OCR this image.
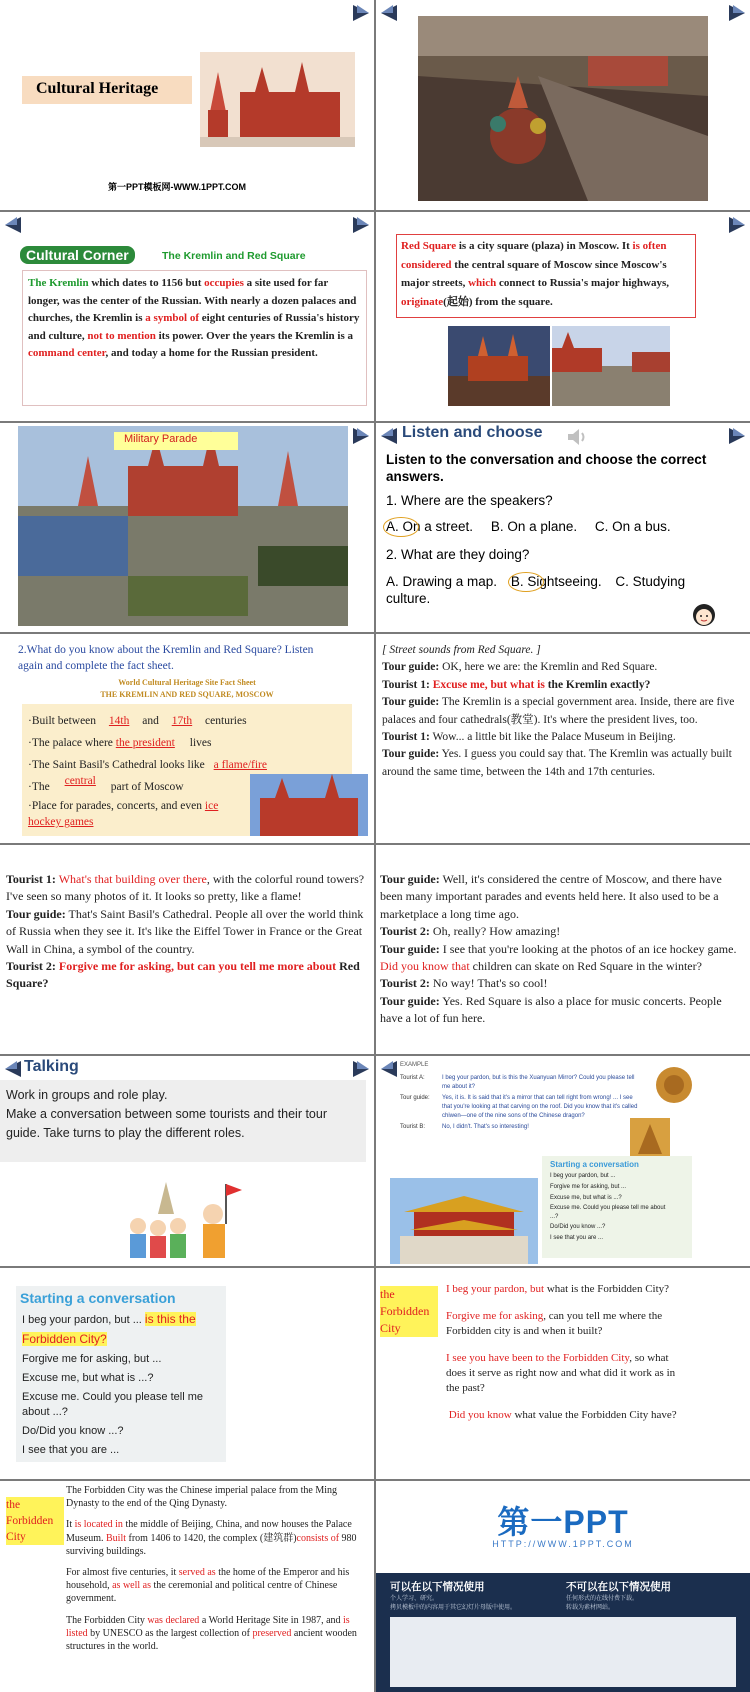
Cultural Heritage
第一PPT模板网-WWW.1PPT.COM
Cultural Corner	The Kremlin and Red Square
The Kremlin which dates to 1156 but occupies a site used for far longer, was the center of the Russian. With nearly a dozen palaces and churches, the Kremlin is a symbol of eight centuries of Russia's history and culture, not to mention its power. Over the years the Kremlin is a command center, and today a home for the Russian president.
Red Square is a city square (plaza) in Moscow. It is often considered the central square of Moscow since Moscow's major streets, which connect to Russia's major highways, originate(起始) from the square.
Military Parade	Listen and choose
Listen to the conversation and choose the correct answers.
1. Where are the speakers?
A. On a street. B. On a plane. C. On a bus.
2. What are they doing?
A. Drawing a map. B. Sightseeing. C. Studying culture.
2.What do you know about the Kremlin and Red Square? Listen again and complete the fact sheet.
World Cultural Heritage Site Fact Sheet
THE KREMLIN AND RED SQUARE, MOSCOW
·Built between 14th and 17th centuries
·The palace where the president lives
·The Saint Basil's Cathedral looks like a flame/fire
·The central part of Moscow
·Place for parades, concerts, and even ice hockey games
[ Street sounds from Red Square. ]
Tour guide: OK, here we are: the Kremlin and Red Square.
Tourist 1: Excuse me, but what is the Kremlin exactly?
Tour guide: The Kremlin is a special government area. Inside, there are five palaces and four cathedrals(教堂). It's where the president lives, too.
Tourist 1: Wow... a little bit like the Palace Museum in Beijing.
Tour guide: Yes. I guess you could say that. The Kremlin was actually built around the same time, between the 14th and 17th centuries.
Tourist 1: What's that building over there, with the colorful round towers? I've seen so many photos of it. It looks so pretty, like a flame!
Tour guide: That's Saint Basil's Cathedral. People all over the world think of Russia when they see it. It's like the Eiffel Tower in France or the Great Wall in China, a symbol of the country.
Tourist 2: Forgive me for asking, but can you tell me more about Red Square?
Tour guide: Well, it's considered the centre of Moscow, and there have been many important parades and events held here. It also used to be a marketplace a long time ago.
Tourist 2: Oh, really? How amazing!
Tour guide: I see that you're looking at the photos of an ice hockey game. Did you know that children can skate on Red Square in the winter?
Tourist 2: No way! That's so cool!
Tour guide: Yes. Red Square is also a place for music concerts. People have a lot of fun here.
Talking
Work in groups and role play.
Make a conversation between some tourists and their tour guide. Take turns to play the different roles.
EXAMPLE
Tourist A:	I beg your pardon, but is this the Xuanyuan Mirror? Could you please tell me about it?
Tour guide:	Yes, it is. It is said that it's a mirror that can tell right from wrong! ... I see that you're looking at that carving on the roof. Did you know that it's called chiwen—one of the nine sons of the Chinese dragon?
Tourist B:	No, I didn't. That's so interesting!
Starting a conversation
I beg your pardon, but ...
Forgive me for asking, but ...
Excuse me, but what is ...?
Excuse me. Could you please tell me about ...?
Do/Did you know ...?
I see that you are ...
Starting a conversation
I beg your pardon, but ... is this the Forbidden City?
Forgive me for asking, but ...
Excuse me, but what is ...?
Excuse me. Could you please tell me about ...?
Do/Did you know ...?
I see that you are ...
the Forbidden City
I beg your pardon, but what is the Forbidden City?
Forgive me for asking, can you tell me where the Forbidden city is and when it built?
I see you have been to the Forbidden City, so what does it serve as right now and what did it work as in the past?
Did you know what value the Forbidden City have?
the Forbidden City
The Forbidden City was the Chinese imperial palace from the Ming Dynasty to the end of the Qing Dynasty.
It is located in the middle of Beijing, China, and now houses the Palace Museum. Built from 1406 to 1420, the complex (建筑群)consists of 980 surviving buildings.
For almost five centuries, it served as the home of the Emperor and his household, as well as the ceremonial and political centre of Chinese government.
The Forbidden City was declared a World Heritage Site in 1987, and is listed by UNESCO as the largest collection of preserved ancient wooden structures in the world.
第一PPT
HTTP://WWW.1PPT.COM
可以在以下情况使用
个人学习、研究。
拷贝模板中的内容用于其它幻灯片母版中使用。
不可以在以下情况使用
任何形式的在线付费下载。
转载为素材网站。
